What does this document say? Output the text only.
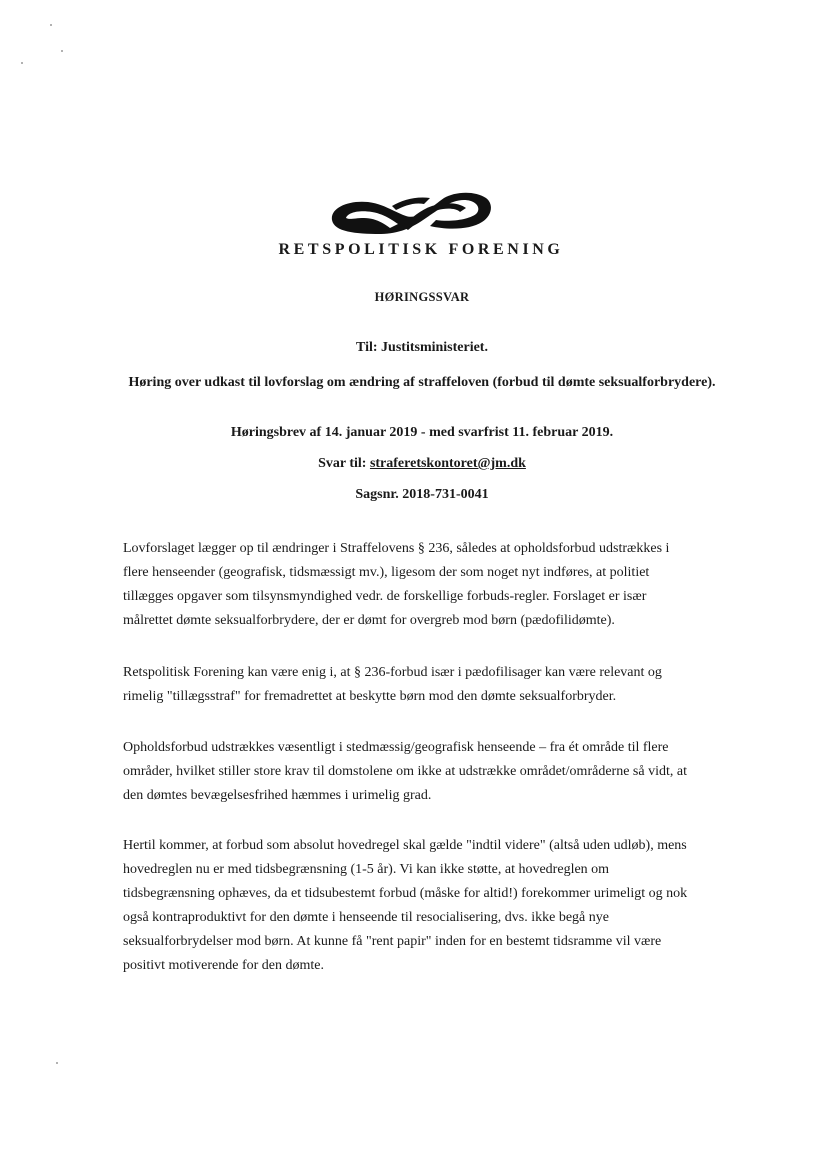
RETSPOLITISK FORENING
HØRINGSSVAR
Til: Justitsministeriet.
Høring over udkast til lovforslag om ændring af straffeloven (forbud til dømte seksualforbrydere).
Høringsbrev af 14. januar 2019 - med svarfrist 11. februar 2019.
Svar til: straferetskontoret@jm.dk
Sagsnr. 2018-731-0041
Lovforslaget lægger op til ændringer i Straffelovens § 236, således at opholdsforbud udstrækkes i flere henseender (geografisk, tidsmæssigt mv.), ligesom der som noget nyt indføres, at politiet tillægges opgaver som tilsynsmyndighed vedr. de forskellige forbuds-regler. Forslaget er især målrettet dømte seksualforbrydere, der er dømt for overgreb mod børn (pædofilidømte).
Retspolitisk Forening kan være enig i, at § 236-forbud især i pædofilisager kan være relevant og rimelig "tillægsstraf" for fremadrettet at beskytte børn mod den dømte seksualforbryder.
Opholdsforbud udstrækkes væsentligt i stedmæssig/geografisk henseende – fra ét område til flere områder, hvilket stiller store krav til domstolene om ikke at udstrække området/områderne så vidt, at den dømtes bevægelsesfrihed hæmmes i urimelig grad.
Hertil kommer, at forbud som absolut hovedregel skal gælde "indtil videre" (altså uden udløb), mens hovedreglen nu er med tidsbegrænsning (1-5 år). Vi kan ikke støtte, at hovedreglen om tidsbegrænsning ophæves, da et tidsubestemt forbud (måske for altid!) forekommer urimeligt og nok også kontraproduktivt for den dømte i henseende til resocialisering, dvs. ikke begå nye seksualforbrydelser mod børn. At kunne få "rent papir" inden for en bestemt tidsramme vil være positivt motiverende for den dømte.
